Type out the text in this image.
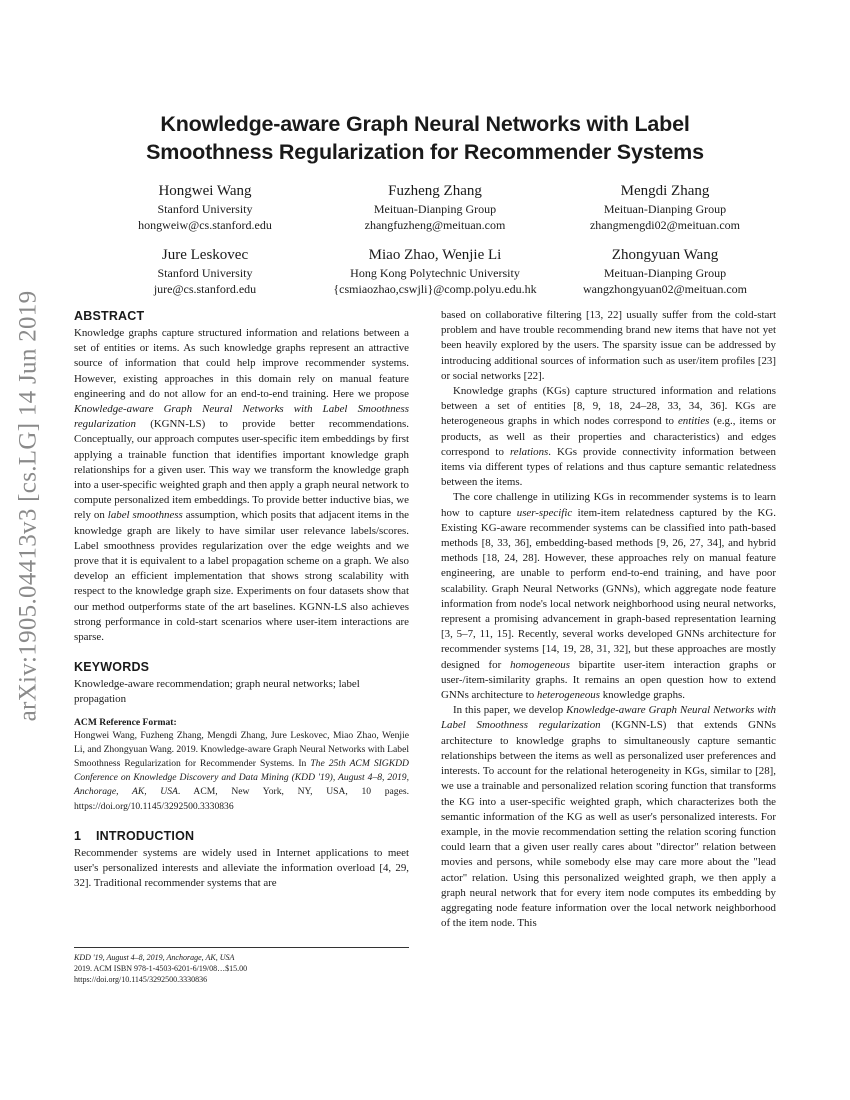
arXiv:1905.04413v3 [cs.LG] 14 Jun 2019
Knowledge-aware Graph Neural Networks with Label
Smoothness Regularization for Recommender Systems
Hongwei Wang
Stanford University
hongweiw@cs.stanford.edu
Fuzheng Zhang
Meituan-Dianping Group
zhangfuzheng@meituan.com
Mengdi Zhang
Meituan-Dianping Group
zhangmengdi02@meituan.com
Jure Leskovec
Stanford University
jure@cs.stanford.edu
Miao Zhao, Wenjie Li
Hong Kong Polytechnic University
{csmiaozhao,cswjli}@comp.polyu.edu.hk
Zhongyuan Wang
Meituan-Dianping Group
wangzhongyuan02@meituan.com
ABSTRACT

Knowledge graphs capture structured information and relations between a set of entities or items. As such knowledge graphs represent an attractive source of information that could help improve recommender systems. However, existing approaches in this domain rely on manual feature engineering and do not allow for an end-to-end training. Here we propose Knowledge-aware Graph Neural Networks with Label Smoothness regularization (KGNN-LS) to provide better recommendations. Conceptually, our approach computes user-specific item embeddings by first applying a trainable function that identifies important knowledge graph relationships for a given user. This way we transform the knowledge graph into a user-specific weighted graph and then apply a graph neural network to compute personalized item embeddings. To provide better inductive bias, we rely on label smoothness assumption, which posits that adjacent items in the knowledge graph are likely to have similar user relevance labels/scores. Label smoothness provides regularization over the edge weights and we prove that it is equivalent to a label propagation scheme on a graph. We also develop an efficient implementation that shows strong scalability with respect to the knowledge graph size. Experiments on four datasets show that our method outperforms state of the art baselines. KGNN-LS also achieves strong performance in cold-start scenarios where user-item interactions are sparse.

KEYWORDS

Knowledge-aware recommendation; graph neural networks; label propagation

ACM Reference Format:

Hongwei Wang, Fuzheng Zhang, Mengdi Zhang, Jure Leskovec, Miao Zhao, Wenjie Li, and Zhongyuan Wang. 2019. Knowledge-aware Graph Neural Networks with Label Smoothness Regularization for Recommender Systems. In The 25th ACM SIGKDD Conference on Knowledge Discovery and Data Mining (KDD '19), August 4–8, 2019, Anchorage, AK, USA. ACM, New York, NY, USA, 10 pages. https://doi.org/10.1145/3292500.3330836

1 INTRODUCTION

Recommender systems are widely used in Internet applications to meet user's personalized interests and alleviate the information overload [4, 29, 32]. Traditional recommender systems that are

KDD '19, August 4–8, 2019, Anchorage, AK, USA
2019. ACM ISBN 978-1-4503-6201-6/19/08…$15.00
https://doi.org/10.1145/3292500.3330836

based on collaborative filtering [13, 22] usually suffer from the cold-start problem and have trouble recommending brand new items that have not yet been heavily explored by the users. The sparsity issue can be addressed by introducing additional sources of information such as user/item profiles [23] or social networks [22].

Knowledge graphs (KGs) capture structured information and relations between a set of entities [8, 9, 18, 24–28, 33, 34, 36]. KGs are heterogeneous graphs in which nodes correspond to entities (e.g., items or products, as well as their properties and characteristics) and edges correspond to relations. KGs provide connectivity information between items via different types of relations and thus capture semantic relatedness between the items.

The core challenge in utilizing KGs in recommender systems is to learn how to capture user-specific item-item relatedness captured by the KG. Existing KG-aware recommender systems can be classified into path-based methods [8, 33, 36], embedding-based methods [9, 26, 27, 34], and hybrid methods [18, 24, 28]. However, these approaches rely on manual feature engineering, are unable to perform end-to-end training, and have poor scalability. Graph Neural Networks (GNNs), which aggregate node feature information from node's local network neighborhood using neural networks, represent a promising advancement in graph-based representation learning [3, 5–7, 11, 15]. Recently, several works developed GNNs architecture for recommender systems [14, 19, 28, 31, 32], but these approaches are mostly designed for homogeneous bipartite user-item interaction graphs or user-/item-similarity graphs. It remains an open question how to extend GNNs architecture to heterogeneous knowledge graphs.

In this paper, we develop Knowledge-aware Graph Neural Networks with Label Smoothness regularization (KGNN-LS) that extends GNNs architecture to knowledge graphs to simultaneously capture semantic relationships between the items as well as personalized user preferences and interests. To account for the relational heterogeneity in KGs, similar to [28], we use a trainable and personalized relation scoring function that transforms the KG into a user-specific weighted graph, which characterizes both the semantic information of the KG as well as user's personalized interests. For example, in the movie recommendation setting the relation scoring function could learn that a given user really cares about "director" relation between movies and persons, while somebody else may care more about the "lead actor" relation. Using this personalized weighted graph, we then apply a graph neural network that for every item node computes its embedding by aggregating node feature information over the local network neighborhood of the item node. This
